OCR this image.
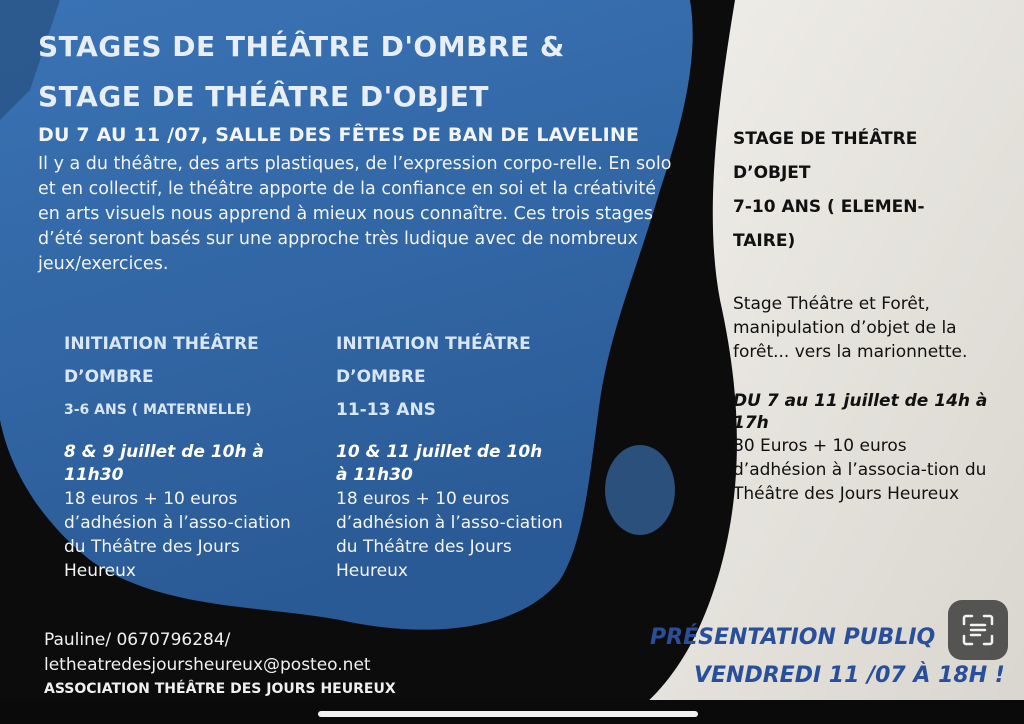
STAGES DE THÉÂTRE D'OMBRE &
STAGE DE THÉÂTRE D'OBJET
DU 7 AU 11 /07, SALLE DES FÊTES DE BAN DE LAVELINE
Il y a du théâtre, des arts plastiques, de l’expression corpo-relle. En solo et en collectif, le théâtre apporte de la confiance en soi et la créativité en arts visuels nous apprend à mieux nous connaître. Ces trois stages d’été seront basés sur une approche très ludique avec de nombreux jeux/exercices.
INITIATION THÉÂTRE
D’OMBRE
3-6 ANS ( MATERNELLE)
8 & 9 juillet de 10h à 11h30
18 euros + 10 euros d’adhésion à l’asso-ciation du Théâtre des Jours Heureux
INITIATION THÉÂTRE
D’OMBRE
11-13 ANS
10 & 11 juillet de 10h à 11h30
18 euros + 10 euros d’adhésion à l’asso-ciation du Théâtre des Jours Heureux
STAGE DE THÉÂTRE
D’OBJET
7-10 ANS ( ELEMEN-
TAIRE)
Stage Théâtre et Forêt, manipulation d’objet de la forêt... vers la marionnette.
DU 7 au 11 juillet de 14h à 17h
80 Euros + 10 euros d’adhésion à l’associa-tion du Théâtre des Jours Heureux
Pauline/ 0670796284/
letheatredesjoursheureux@posteo.net
ASSOCIATION THÉÂTRE DES JOURS HEUREUX
PRÉSENTATION PUBLIQ
VENDREDI 11 /07 À 18H !
